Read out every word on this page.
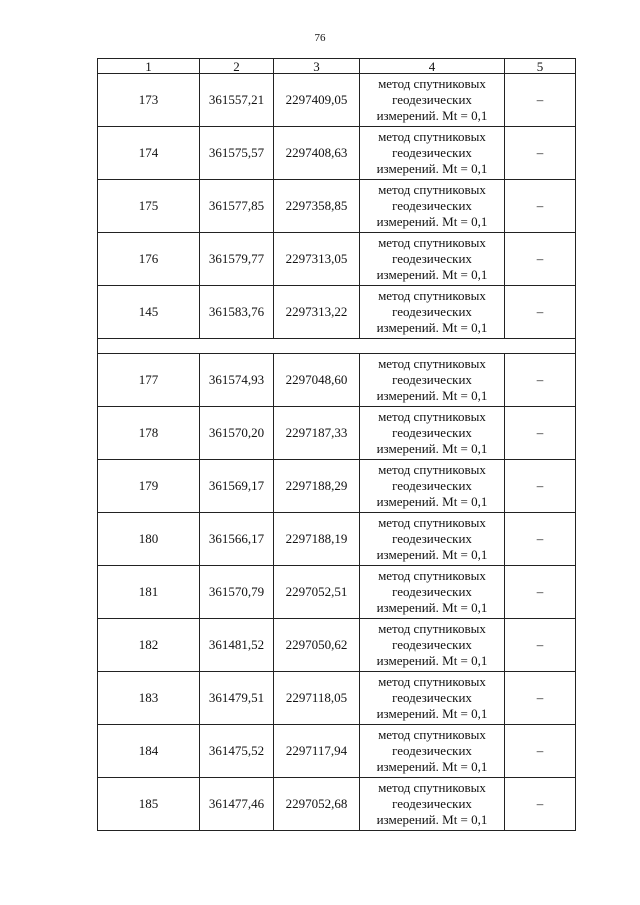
76
1	2	3	4	5
173	361557,21	2297409,05	метод спутниковых
геодезических
измерений. Mt = 0,1	–
174	361575,57	2297408,63	метод спутниковых
геодезических
измерений. Mt = 0,1	–
175	361577,85	2297358,85	метод спутниковых
геодезических
измерений. Mt = 0,1	–
176	361579,77	2297313,05	метод спутниковых
геодезических
измерений. Mt = 0,1	–
145	361583,76	2297313,22	метод спутниковых
геодезических
измерений. Mt = 0,1	–

177	361574,93	2297048,60	метод спутниковых
геодезических
измерений. Mt = 0,1	–
178	361570,20	2297187,33	метод спутниковых
геодезических
измерений. Mt = 0,1	–
179	361569,17	2297188,29	метод спутниковых
геодезических
измерений. Mt = 0,1	–
180	361566,17	2297188,19	метод спутниковых
геодезических
измерений. Mt = 0,1	–
181	361570,79	2297052,51	метод спутниковых
геодезических
измерений. Mt = 0,1	–
182	361481,52	2297050,62	метод спутниковых
геодезических
измерений. Mt = 0,1	–
183	361479,51	2297118,05	метод спутниковых
геодезических
измерений. Mt = 0,1	–
184	361475,52	2297117,94	метод спутниковых
геодезических
измерений. Mt = 0,1	–
185	361477,46	2297052,68	метод спутниковых
геодезических
измерений. Mt = 0,1	–
